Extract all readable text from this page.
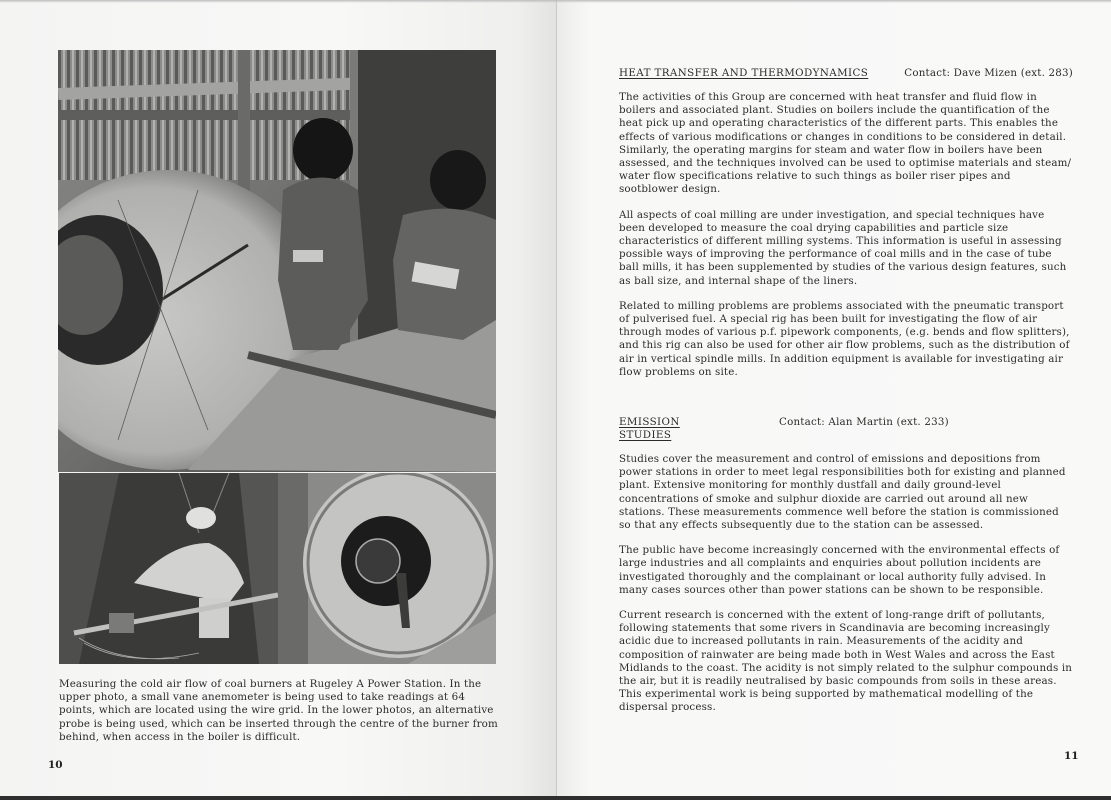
Measuring the cold air flow of coal burners at Rugeley A Power Station. In the upper photo, a small vane anemometer is being used to take readings at 64 points, which are located using the wire grid. In the lower photos, an alternative probe is being used, which can be inserted through the centre of the burner from behind, when access in the boiler is difficult.

10
HEAT TRANSFER AND THERMODYNAMICS	Contact: Dave Mizen (ext. 283)

The activities of this Group are concerned with heat transfer and fluid flow in boilers and associated plant. Studies on boilers include the quantification of the heat pick up and operating characteristics of the different parts. This enables the effects of various modifications or changes in conditions to be considered in detail. Similarly, the operating margins for steam and water flow in boilers have been assessed, and the techniques involved can be used to optimise materials and steam/ water flow specifications relative to such things as boiler riser pipes and sootblower design.

All aspects of coal milling are under investigation, and special techniques have been developed to measure the coal drying capabilities and particle size characteristics of different milling systems. This information is useful in assessing possible ways of improving the performance of coal mills and in the case of tube ball mills, it has been supplemented by studies of the various design features, such as ball size, and internal shape of the liners.

Related to milling problems are problems associated with the pneumatic transport of pulverised fuel. A special rig has been built for investigating the flow of air through modes of various p.f. pipework components, (e.g. bends and flow splitters), and this rig can also be used for other air flow problems, such as the distribution of air in vertical spindle mills. In addition equipment is available for investigating air flow problems on site.

EMISSION STUDIES
Contact: Alan Martin (ext. 233)

Studies cover the measurement and control of emissions and depositions from power stations in order to meet legal responsibilities both for existing and planned plant. Extensive monitoring for monthly dustfall and daily ground-level concentrations of smoke and sulphur dioxide are carried out around all new stations. These measurements commence well before the station is commissioned so that any effects subsequently due to the station can be assessed.

The public have become increasingly concerned with the environmental effects of large industries and all complaints and enquiries about pollution incidents are investigated thoroughly and the complainant or local authority fully advised. In many cases sources other than power stations can be shown to be responsible.

Current research is concerned with the extent of long-range drift of pollutants, following statements that some rivers in Scandinavia are becoming increasingly acidic due to increased pollutants in rain. Measurements of the acidity and composition of rainwater are being made both in West Wales and across the East Midlands to the coast. The acidity is not simply related to the sulphur compounds in the air, but it is readily neutralised by basic compounds from soils in these areas. This experimental work is being supported by mathematical modelling of the dispersal process.

11
